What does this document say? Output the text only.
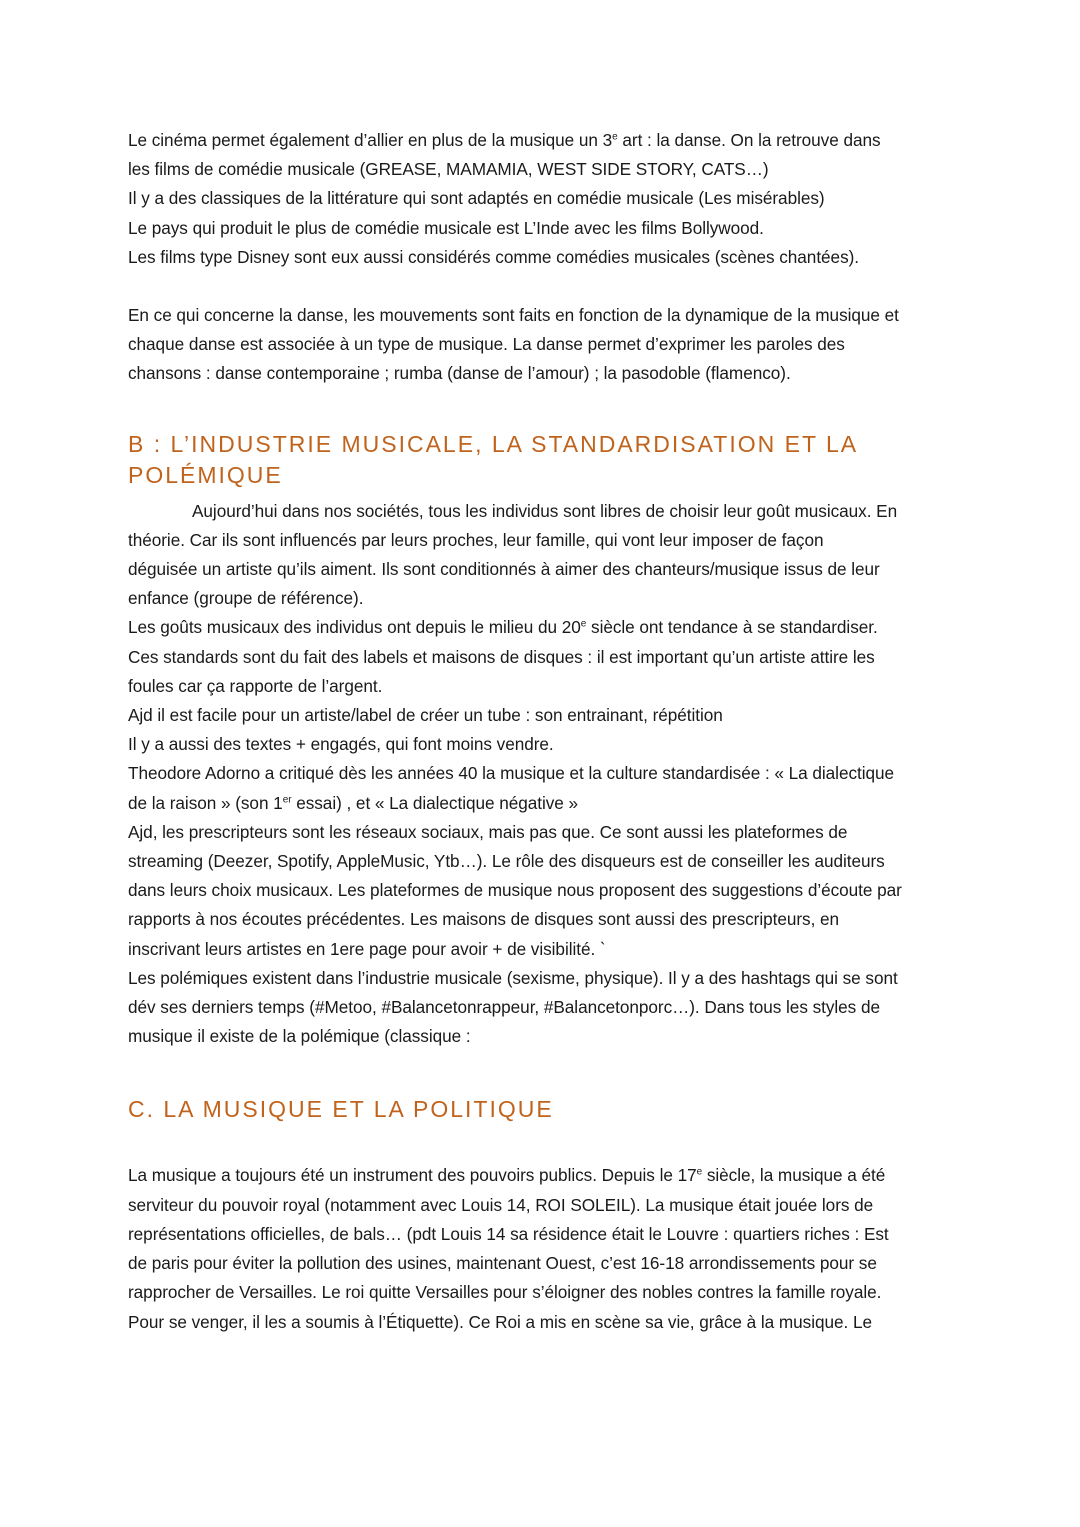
Le cinéma permet également d’allier en plus de la musique un 3e art : la danse. On la retrouve dans
les films de comédie musicale (GREASE, MAMAMIA, WEST SIDE STORY, CATS…)
Il y a des classiques de la littérature qui sont adaptés en comédie musicale (Les misérables)
Le pays qui produit le plus de comédie musicale est L’Inde avec les films Bollywood.
Les films type Disney sont eux aussi considérés comme comédies musicales (scènes chantées).
En ce qui concerne la danse, les mouvements sont faits en fonction de la dynamique de la musique et
chaque danse est associée à un type de musique. La danse permet d’exprimer les paroles des
chansons : danse contemporaine ; rumba (danse de l’amour) ; la pasodoble (flamenco).
B : L’INDUSTRIE MUSICALE, LA STANDARDISATION ET LA
POLÉMIQUE
Aujourd’hui dans nos sociétés, tous les individus sont libres de choisir leur goût musicaux. En
théorie. Car ils sont influencés par leurs proches, leur famille, qui vont leur imposer de façon
déguisée un artiste qu’ils aiment. Ils sont conditionnés à aimer des chanteurs/musique issus de leur
enfance (groupe de référence).
Les goûts musicaux des individus ont depuis le milieu du 20e siècle ont tendance à se standardiser.
Ces standards sont du fait des labels et maisons de disques : il est important qu’un artiste attire les
foules car ça rapporte de l’argent.
Ajd il est facile pour un artiste/label de créer un tube : son entrainant, répétition
Il y a aussi des textes + engagés, qui font moins vendre.
Theodore Adorno a critiqué dès les années 40 la musique et la culture standardisée : « La dialectique
de la raison » (son 1er essai) , et « La dialectique négative »
Ajd, les prescripteurs sont les réseaux sociaux, mais pas que. Ce sont aussi les plateformes de
streaming (Deezer, Spotify, AppleMusic, Ytb…). Le rôle des disqueurs est de conseiller les auditeurs
dans leurs choix musicaux. Les plateformes de musique nous proposent des suggestions d’écoute par
rapports à nos écoutes précédentes. Les maisons de disques sont aussi des prescripteurs, en
inscrivant leurs artistes en 1ere page pour avoir + de visibilité. `
Les polémiques existent dans l’industrie musicale (sexisme, physique). Il y a des hashtags qui se sont
dév ses derniers temps (#Metoo, #Balancetonrappeur, #Balancetonporc…). Dans tous les styles de
musique il existe de la polémique (classique :
C. LA MUSIQUE ET LA POLITIQUE
La musique a toujours été un instrument des pouvoirs publics. Depuis le 17e siècle, la musique a été
serviteur du pouvoir royal (notamment avec Louis 14, ROI SOLEIL). La musique était jouée lors de
représentations officielles, de bals… (pdt Louis 14 sa résidence était le Louvre : quartiers riches : Est
de paris pour éviter la pollution des usines, maintenant Ouest, c’est 16-18 arrondissements pour se
rapprocher de Versailles. Le roi quitte Versailles pour s’éloigner des nobles contres la famille royale.
Pour se venger, il les a soumis à l’Étiquette). Ce Roi a mis en scène sa vie, grâce à la musique. Le
